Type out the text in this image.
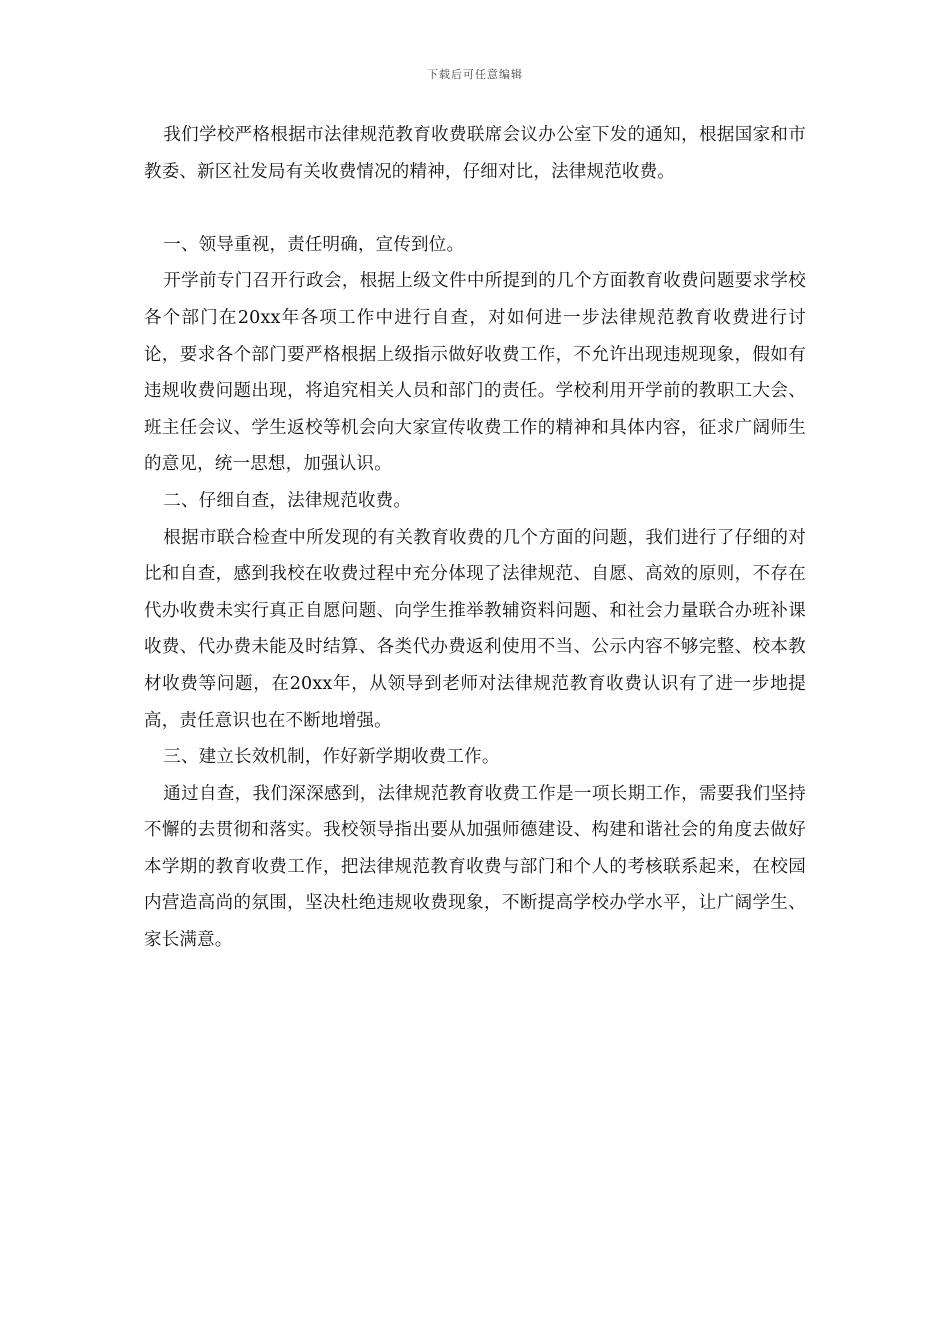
下载后可任意编辑

我们学校严格根据市法律规范教育收费联席会议办公室下发的通知，根据国家和市教委、新区社发局有关收费情况的精神，仔细对比，法律规范收费。

一、领导重视，责任明确，宣传到位。

开学前专门召开行政会，根据上级文件中所提到的几个方面教育收费问题要求学校各个部门在20xx年各项工作中进行自查，对如何进一步法律规范教育收费进行讨论，要求各个部门要严格根据上级指示做好收费工作，不允许出现违规现象，假如有违规收费问题出现，将追究相关人员和部门的责任。学校利用开学前的教职工大会、班主任会议、学生返校等机会向大家宣传收费工作的精神和具体内容，征求广阔师生的意见，统一思想，加强认识。

二、仔细自查，法律规范收费。

根据市联合检查中所发现的有关教育收费的几个方面的问题，我们进行了仔细的对比和自查，感到我校在收费过程中充分体现了法律规范、自愿、高效的原则，不存在代办收费未实行真正自愿问题、向学生推举教辅资料问题、和社会力量联合办班补课收费、代办费未能及时结算、各类代办费返利使用不当、公示内容不够完整、校本教材收费等问题，在20xx年，从领导到老师对法律规范教育收费认识有了进一步地提高，责任意识也在不断地增强。

三、建立长效机制，作好新学期收费工作。

通过自查，我们深深感到，法律规范教育收费工作是一项长期工作，需要我们坚持不懈的去贯彻和落实。我校领导指出要从加强师德建设、构建和谐社会的角度去做好本学期的教育收费工作，把法律规范教育收费与部门和个人的考核联系起来，在校园内营造高尚的氛围，坚决杜绝违规收费现象，不断提高学校办学水平，让广阔学生、家长满意。
